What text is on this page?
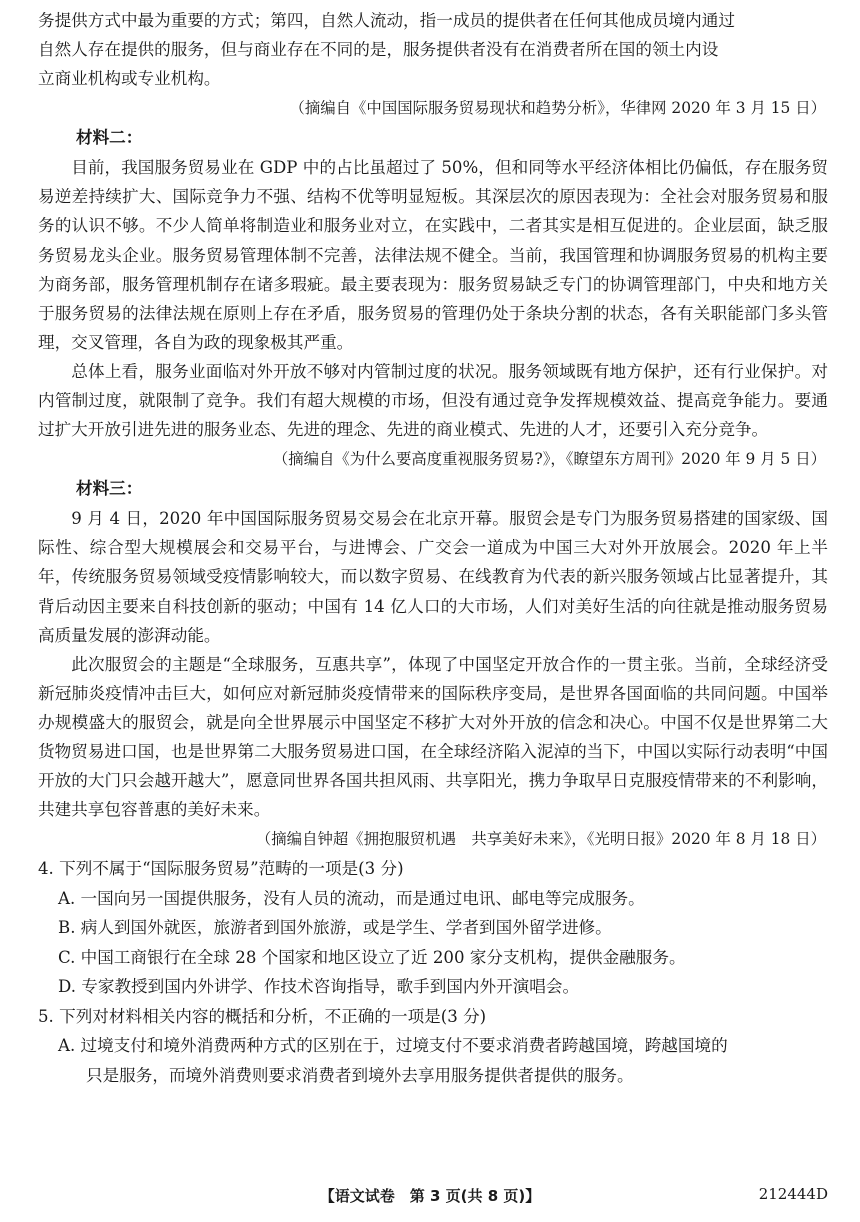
务提供方式中最为重要的方式；第四，自然人流动，指一成员的提供者在任何其他成员境内通过

自然人存在提供的服务，但与商业存在不同的是，服务提供者没有在消费者所在国的领土内设

立商业机构或专业机构。

（摘编自《中国国际服务贸易现状和趋势分析》，华律网 2020 年 3 月 15 日）

材料二：

目前，我国服务贸易业在 GDP 中的占比虽超过了 50%，但和同等水平经济体相比仍偏低，存在服务贸易逆差持续扩大、国际竞争力不强、结构不优等明显短板。其深层次的原因表现为：全社会对服务贸易和服务的认识不够。不少人简单将制造业和服务业对立，在实践中，二者其实是相互促进的。企业层面，缺乏服务贸易龙头企业。服务贸易管理体制不完善，法律法规不健全。当前，我国管理和协调服务贸易的机构主要为商务部，服务管理机制存在诸多瑕疵。最主要表现为：服务贸易缺乏专门的协调管理部门，中央和地方关于服务贸易的法律法规在原则上存在矛盾，服务贸易的管理仍处于条块分割的状态，各有关职能部门多头管理，交叉管理，各自为政的现象极其严重。

总体上看，服务业面临对外开放不够对内管制过度的状况。服务领域既有地方保护，还有行业保护。对内管制过度，就限制了竞争。我们有超大规模的市场，但没有通过竞争发挥规模效益、提高竞争能力。要通过扩大开放引进先进的服务业态、先进的理念、先进的商业模式、先进的人才，还要引入充分竞争。

（摘编自《为什么要高度重视服务贸易?》，《瞭望东方周刊》2020 年 9 月 5 日）

材料三：

9 月 4 日，2020 年中国国际服务贸易交易会在北京开幕。服贸会是专门为服务贸易搭建的国家级、国际性、综合型大规模展会和交易平台，与进博会、广交会一道成为中国三大对外开放展会。2020 年上半年，传统服务贸易领域受疫情影响较大，而以数字贸易、在线教育为代表的新兴服务领域占比显著提升，其背后动因主要来自科技创新的驱动；中国有 14 亿人口的大市场，人们对美好生活的向往就是推动服务贸易高质量发展的澎湃动能。

此次服贸会的主题是“全球服务，互惠共享”，体现了中国坚定开放合作的一贯主张。当前，全球经济受新冠肺炎疫情冲击巨大，如何应对新冠肺炎疫情带来的国际秩序变局，是世界各国面临的共同问题。中国举办规模盛大的服贸会，就是向全世界展示中国坚定不移扩大对外开放的信念和决心。中国不仅是世界第二大货物贸易进口国，也是世界第二大服务贸易进口国，在全球经济陷入泥淖的当下，中国以实际行动表明“中国开放的大门只会越开越大”，愿意同世界各国共担风雨、共享阳光，携力争取早日克服疫情带来的不利影响，共建共享包容普惠的美好未来。

（摘编自钟超《拥抱服贸机遇　共享美好未来》，《光明日报》2020 年 8 月 18 日）

4. 下列不属于“国际服务贸易”范畴的一项是(3 分)

A. 一国向另一国提供服务，没有人员的流动，而是通过电讯、邮电等完成服务。

B. 病人到国外就医，旅游者到国外旅游，或是学生、学者到国外留学进修。

C. 中国工商银行在全球 28 个国家和地区设立了近 200 家分支机构，提供金融服务。

D. 专家教授到国内外讲学、作技术咨询指导，歌手到国内外开演唱会。

5. 下列对材料相关内容的概括和分析，不正确的一项是(3 分)

A. 过境支付和境外消费两种方式的区别在于，过境支付不要求消费者跨越国境，跨越国境的

只是服务，而境外消费则要求消费者到境外去享用服务提供者提供的服务。

【语文试卷　第 3 页(共 8 页)】	212444D
